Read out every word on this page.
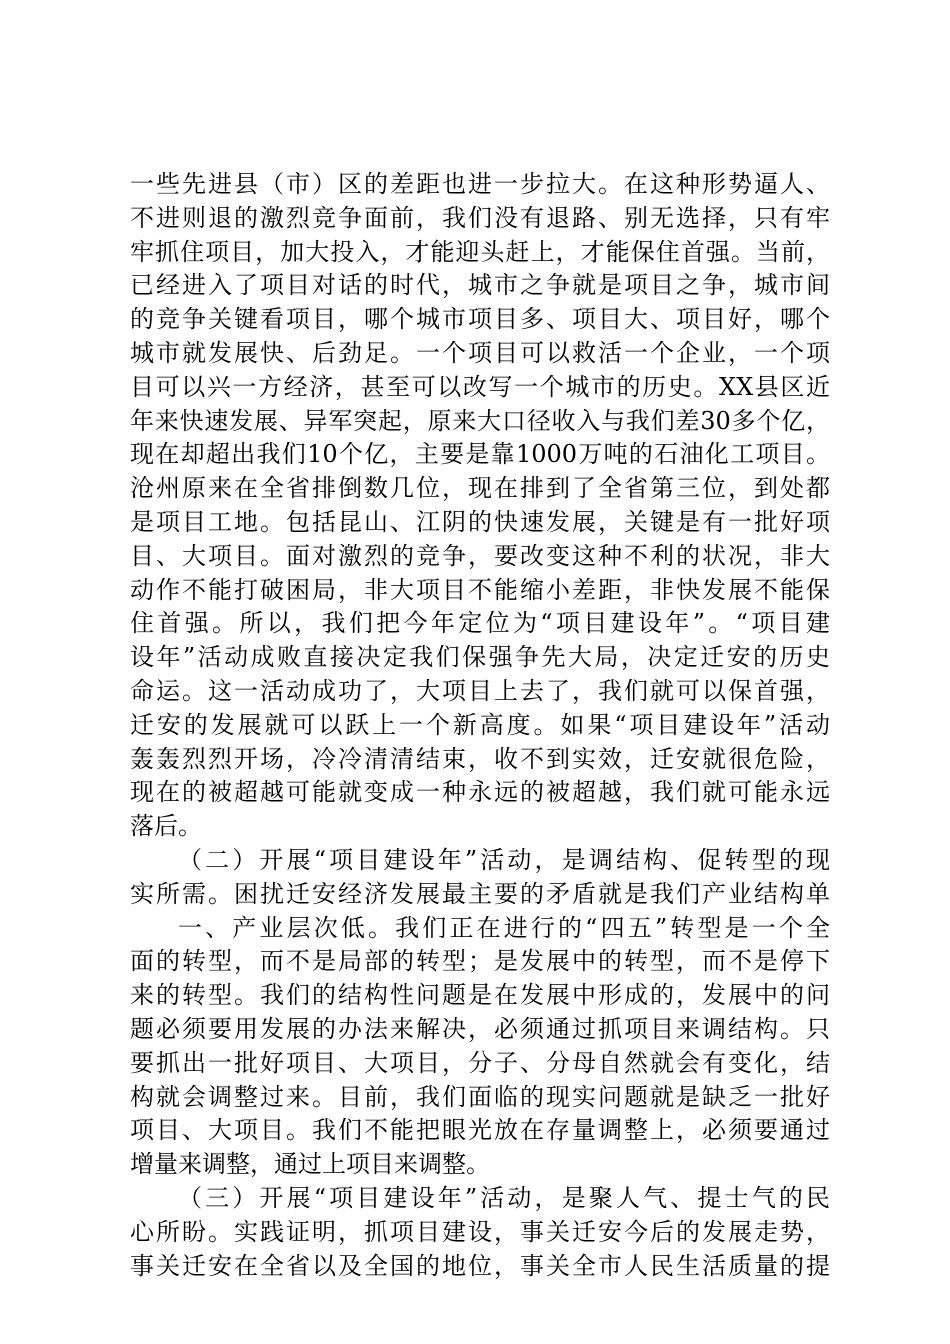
一些先进县（市）区的差距也进一步拉大。在这种形势逼人、
不进则退的激烈竞争面前，我们没有退路、别无选择，只有牢
牢抓住项目，加大投入，才能迎头赶上，才能保住首强。当前，
已经进入了项目对话的时代，城市之争就是项目之争，城市间
的竞争关键看项目，哪个城市项目多、项目大、项目好，哪个
城市就发展快、后劲足。一个项目可以救活一个企业，一个项
目可以兴一方经济，甚至可以改写一个城市的历史。XX县区近
年来快速发展、异军突起，原来大口径收入与我们差30多个亿，
现在却超出我们10个亿，主要是靠1000万吨的石油化工项目。
沧州原来在全省排倒数几位，现在排到了全省第三位，到处都
是项目工地。包括昆山、江阴的快速发展，关键是有一批好项
目、大项目。面对激烈的竞争，要改变这种不利的状况，非大
动作不能打破困局，非大项目不能缩小差距，非快发展不能保
住首强。所以，我们把今年定位为“项目建设年”。“项目建
设年”活动成败直接决定我们保强争先大局，决定迁安的历史
命运。这一活动成功了，大项目上去了，我们就可以保首强，
迁安的发展就可以跃上一个新高度。如果“项目建设年”活动
轰轰烈烈开场，冷冷清清结束，收不到实效，迁安就很危险，
现在的被超越可能就变成一种永远的被超越，我们就可能永远
落后。
（二）开展“项目建设年”活动，是调结构、促转型的现
实所需。困扰迁安经济发展最主要的矛盾就是我们产业结构单
一、产业层次低。我们正在进行的“四五”转型是一个全
面的转型，而不是局部的转型；是发展中的转型，而不是停下
来的转型。我们的结构性问题是在发展中形成的，发展中的问
题必须要用发展的办法来解决，必须通过抓项目来调结构。只
要抓出一批好项目、大项目，分子、分母自然就会有变化，结
构就会调整过来。目前，我们面临的现实问题就是缺乏一批好
项目、大项目。我们不能把眼光放在存量调整上，必须要通过
增量来调整，通过上项目来调整。
（三）开展“项目建设年”活动，是聚人气、提士气的民
心所盼。实践证明，抓项目建设，事关迁安今后的发展走势，
事关迁安在全省以及全国的地位，事关全市人民生活质量的提
